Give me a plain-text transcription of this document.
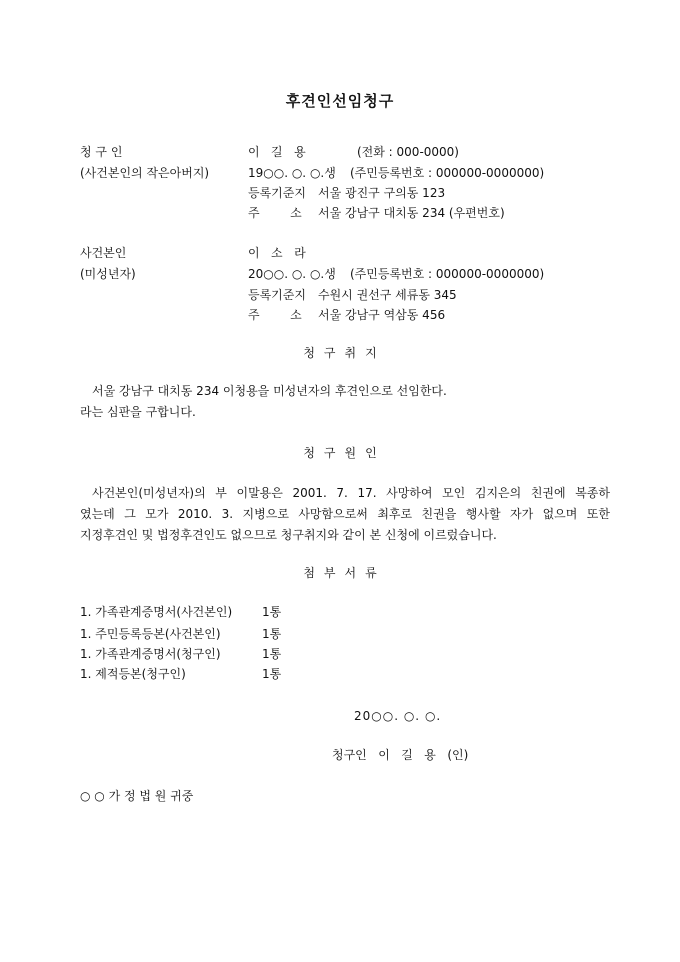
후견인선임청구
청 구 인	이   길   용	(전화 : 000-0000)
(사건본인의 작은아버지)	19○○. ○. ○.생 (주민등록번호 : 000000-0000000)
등록기준지 서울 광진구 구의동 123
주        소 서울 강남구 대치동 234 (우편번호)
사건본인	이   소   라
(미성년자)	20○○. ○. ○.생 (주민등록번호 : 000000-0000000)
등록기준지 수원시 권선구 세류동 345
주        소 서울 강남구 역삼동 456
청구취지
서울 강남구 대치동 234 이청용을 미성년자의 후견인으로 선임한다.
라는 심판을 구합니다.
청구원인
사건본인(미성년자)의 부 이말용은 2001. 7. 17. 사망하여 모인 김지은의 친권에 복종하
였는데 그 모가 2010. 3. 지병으로 사망함으로써 최후로 친권을 행사할 자가 없으며 또한
지정후견인 및 법정후견인도 없으므로 청구취지와 같이 본 신청에 이르렀습니다.
첨부서류
1. 가족관계증명서(사건본인) 1통
1. 주민등록등본(사건본인)	1통
1. 가족관계증명서(청구인)	1통
1. 제적등본(청구인)	1통
20○○. ○. ○.
청구인   이   길   용   (인)
○ ○ 가 정 법 원 귀중
